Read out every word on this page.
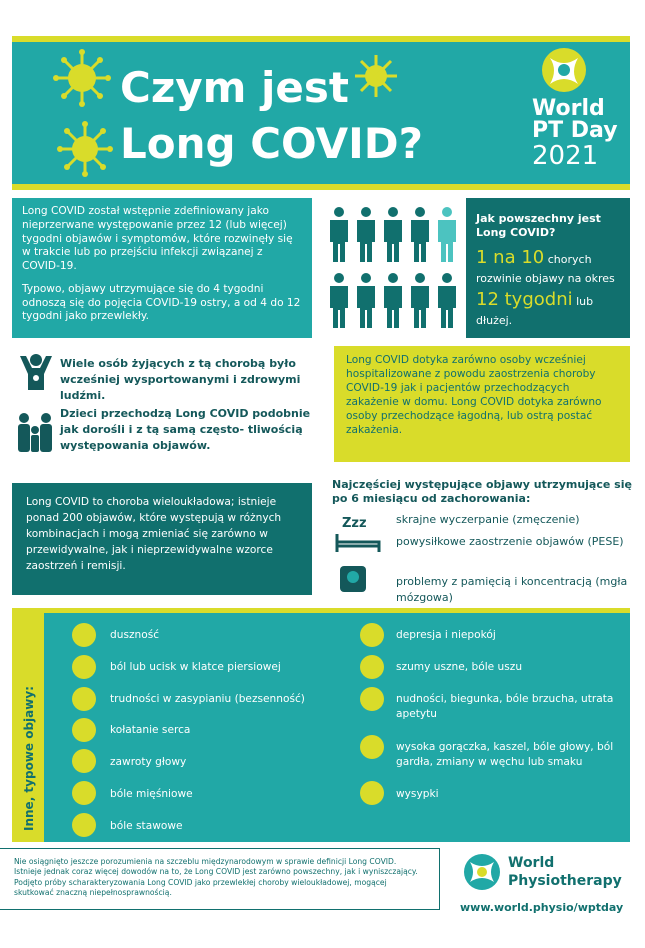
Czym jest
Long COVID?
World
PT Day
2021

Long COVID został wstępnie zdefiniowany jako nieprzerwane występowanie przez 12 (lub więcej) tygodni objawów i symptomów, które rozwinęły się w trakcie lub po przejściu infekcji związanej z COVID-19.

Typowo, objawy utrzymujące się do 4 tygodni odnoszą się do pojęcia COVID-19 ostry, a od 4 do 12 tygodni jako przewlekły.

Jak powszechny jest Long COVID?
1 na 10 chorych rozwinie objawy na okres 12 tygodni lub dłużej.
Wiele osób żyjących z tą chorobą było wcześniej wysportowanymi i zdrowymi ludźmi.
Dzieci przechodzą Long COVID podobnie jak dorośli i z tą samą często- tliwością występowania objawów.
Long COVID dotyka zarówno osoby wcześniej hospitalizowane z powodu zaostrzenia choroby COVID-19 jak i pacjentów przechodzących zakażenie w domu. Long COVID dotyka zarówno osoby przechodzące łagodną, lub ostrą postać zakażenia.
Long COVID to choroba wieloukładowa; istnieje ponad 200 objawów, które występują w różnych kombinacjach i mogą zmieniać się zarówno w przewidywalne, jak i nieprzewidywalne wzorce zaostrzeń i remisji.
Najczęściej występujące objawy utrzymujące się po 6 miesiącu od zachorowania:
Zzz	skrajne wyczerpanie (zmęczenie)
powysiłkowe zaostrzenie objawów (PESE)
problemy z pamięcią i koncentracją (mgła mózgowa)
Inne, typowe objawy:
duszność
ból lub ucisk w klatce piersiowej
trudności w zasypianiu (bezsenność)
kołatanie serca
zawroty głowy
bóle mięśniowe
bóle stawowe
depresja i niepokój
szumy uszne, bóle uszu
nudności, biegunka, bóle brzucha, utrata apetytu
wysoka gorączka, kaszel, bóle głowy, ból gardła, zmiany w węchu lub smaku
wysypki
Nie osiągnięto jeszcze porozumienia na szczeblu międzynarodowym w sprawie definicji Long COVID. Istnieje jednak coraz więcej dowodów na to, że Long COVID jest zarówno powszechny, jak i wyniszczający. Podjęto próby scharakteryzowania Long COVID jako przewlekłej choroby wieloukładowej, mogącej skutkować znaczną niepełnosprawnością.
World
Physiotherapy
www.world.physio/wptday
